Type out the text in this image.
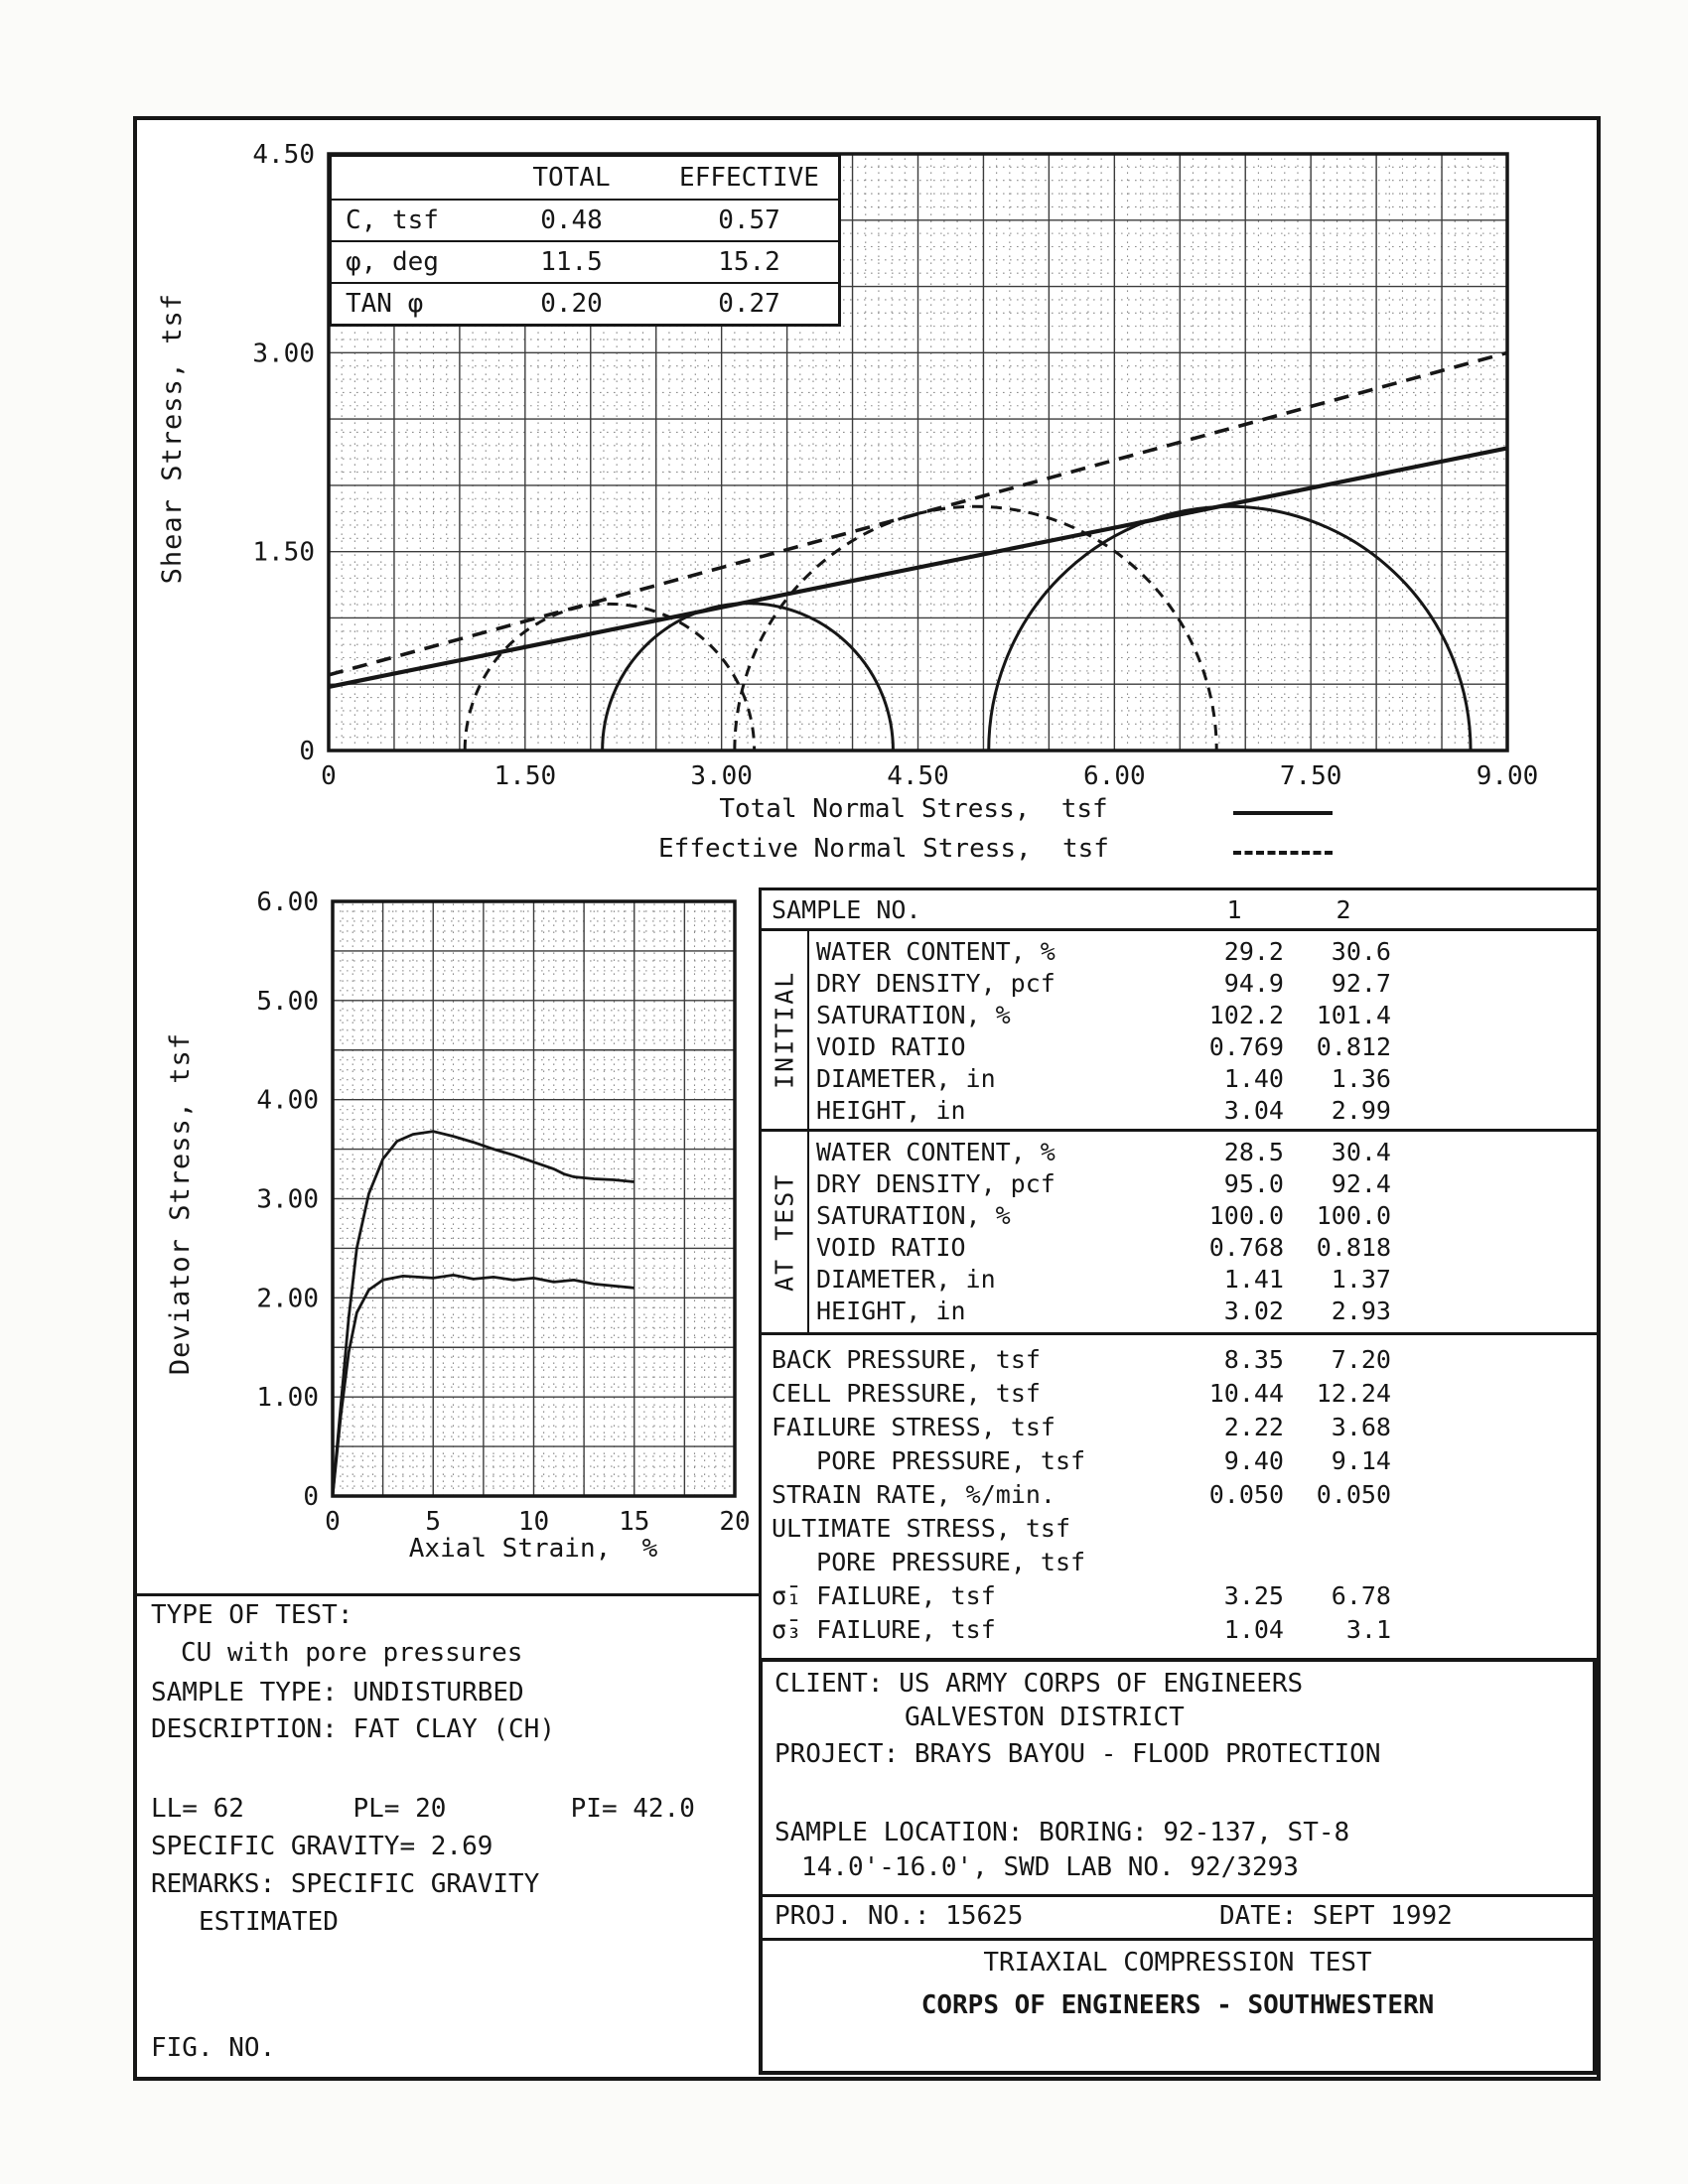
0	1.50	3.00	4.50	6.00	7.50	9.00
0
1.50
3.00
4.50
Shear Stress, tsf
TOTAL	EFFECTIVE
C, tsf	0.48	0.57
φ, deg	11.5	15.2
TAN φ	0.20	0.27
Total Normal Stress,  tsf
Effective Normal Stress,  tsf
0	5	10	15	20
0
1.00
2.00
3.00
4.00
5.00
6.00
Deviator Stress, tsf
Axial Strain,  %
SAMPLE NO.	1	2
INITIAL
WATER CONTENT, %	29.2	30.6
DRY DENSITY, pcf	94.9	92.7
SATURATION, %	102.2	101.4
VOID RATIO	0.769	0.812
DIAMETER, in	1.40	1.36
HEIGHT, in	3.04	2.99
AT TEST
WATER CONTENT, %	28.5	30.4
DRY DENSITY, pcf	95.0	92.4
SATURATION, %	100.0	100.0
VOID RATIO	0.768	0.818
DIAMETER, in	1.41	1.37
HEIGHT, in	3.02	2.93
BACK PRESSURE, tsf	8.35	7.20
CELL PRESSURE, tsf	10.44	12.24
FAILURE STRESS, tsf	2.22	3.68
PORE PRESSURE, tsf	9.40	9.14
STRAIN RATE, %/min.	0.050	0.050
ULTIMATE STRESS, tsf
PORE PRESSURE, tsf
σ̄₁ FAILURE, tsf	3.25	6.78
σ̄₃ FAILURE, tsf	1.04	3.1
TYPE OF TEST:
CU with pore pressures
SAMPLE TYPE: UNDISTURBED
DESCRIPTION: FAT CLAY (CH)
LL= 62       PL= 20        PI= 42.0
SPECIFIC GRAVITY= 2.69
REMARKS: SPECIFIC GRAVITY
ESTIMATED
FIG. NO.
CLIENT: US ARMY CORPS OF ENGINEERS
GALVESTON DISTRICT
PROJECT: BRAYS BAYOU - FLOOD PROTECTION
SAMPLE LOCATION: BORING: 92-137, ST-8
14.0'-16.0', SWD LAB NO. 92/3293
PROJ. NO.: 15625	DATE: SEPT 1992
TRIAXIAL COMPRESSION TEST
CORPS OF ENGINEERS - SOUTHWESTERN
